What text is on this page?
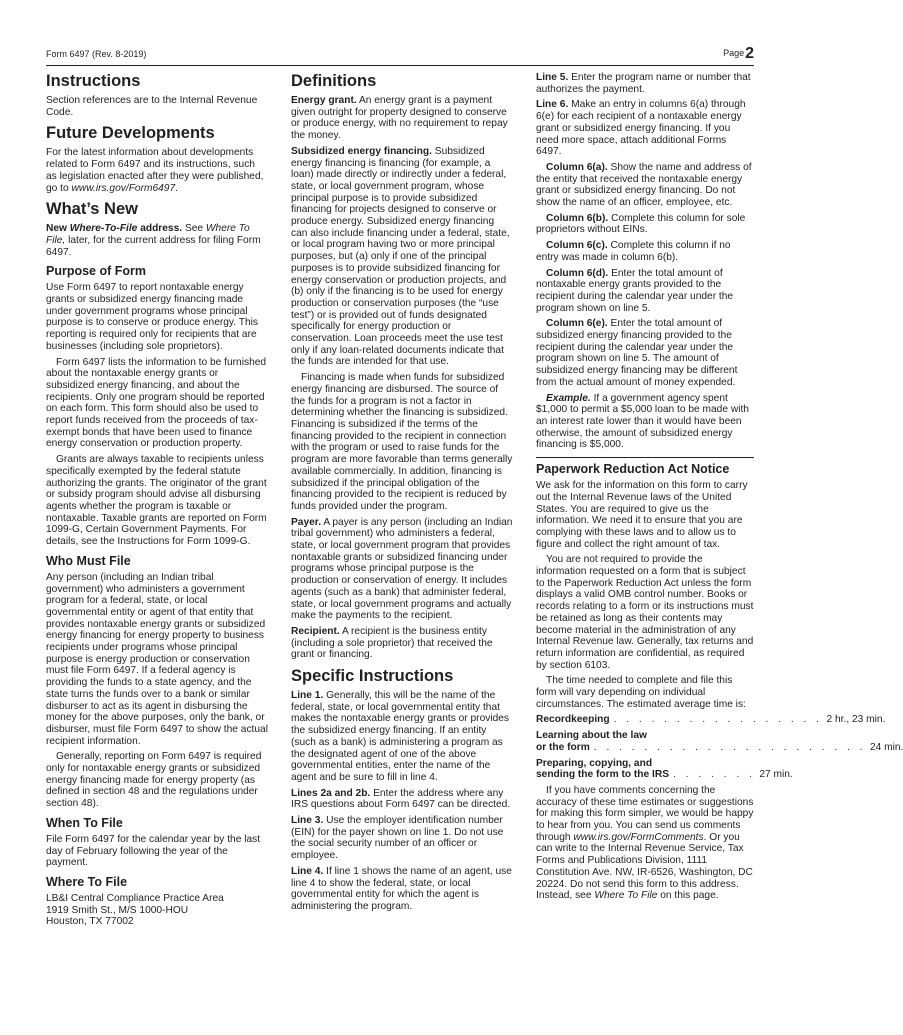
Form 6497 (Rev. 8-2019)	Page2
Instructions

Section references are to the Internal Revenue Code.

Future Developments

For the latest information about developments related to Form 6497 and its instructions, such as legislation enacted after they were published, go to www.irs.gov/Form6497.

What’s New

New Where-To-File address. See Where To File, later, for the current address for filing Form 6497.

Purpose of Form

Use Form 6497 to report nontaxable energy grants or subsidized energy financing made under government programs whose principal purpose is to conserve or produce energy. This reporting is required only for recipients that are businesses (including sole proprietors).

Form 6497 lists the information to be furnished about the nontaxable energy grants or subsidized energy financing, and about the recipients. Only one program should be reported on each form. This form should also be used to report funds received from the proceeds of tax-exempt bonds that have been used to finance energy conservation or production property.

Grants are always taxable to recipients unless specifically exempted by the federal statute authorizing the grants. The originator of the grant or subsidy program should advise all disbursing agents whether the program is taxable or nontaxable. Taxable grants are reported on Form 1099-G, Certain Government Payments. For details, see the Instructions for Form 1099-G.

Who Must File

Any person (including an Indian tribal government) who administers a government program for a federal, state, or local governmental entity or agent of that entity that provides nontaxable energy grants or subsidized energy financing for energy property to business recipients under programs whose principal purpose is energy production or conservation must file Form 6497. If a federal agency is providing the funds to a state agency, and the state turns the funds over to a bank or similar disburser to act as its agent in disbursing the money for the above purposes, only the bank, or disburser, must file Form 6497 to show the actual recipient information.

Generally, reporting on Form 6497 is required only for nontaxable energy grants or subsidized energy financing made for energy property (as defined in section 48 and the regulations under section 48).

When To File

File Form 6497 for the calendar year by the last day of February following the year of the payment.

Where To File

LB&I Central Compliance Practice Area

1919 Smith St., M/S 1000-HOU

Houston, TX 77002

Definitions

Energy grant. An energy grant is a payment given outright for property designed to conserve or produce energy, with no requirement to repay the money.

Subsidized energy financing. Subsidized energy financing is financing (for example, a loan) made directly or indirectly under a federal, state, or local government program, whose principal purpose is to provide subsidized financing for projects designed to conserve or produce energy. Subsidized energy financing can also include financing under a federal, state, or local program having two or more principal purposes, but (a) only if one of the principal purposes is to provide subsidized financing for energy conservation or production projects, and (b) only if the financing is to be used for energy production or conservation purposes (the “use test”) or is provided out of funds designated specifically for energy production or conservation. Loan proceeds meet the use test only if any loan-related documents indicate that the funds are intended for that use.

Financing is made when funds for subsidized energy financing are disbursed. The source of the funds for a program is not a factor in determining whether the financing is subsidized. Financing is subsidized if the terms of the financing provided to the recipient in connection with the program or used to raise funds for the program are more favorable than terms generally available commercially. In addition, financing is subsidized if the principal obligation of the financing provided to the recipient is reduced by funds provided under the program.

Payer. A payer is any person (including an Indian tribal government) who administers a federal, state, or local government program that provides nontaxable grants or subsidized financing under programs whose principal purpose is the production or conservation of energy. It includes agents (such as a bank) that administer federal, state, or local government programs and actually make the payments to the recipient.

Recipient. A recipient is the business entity (including a sole proprietor) that received the grant or financing.

Specific Instructions

Line 1. Generally, this will be the name of the federal, state, or local governmental entity that makes the nontaxable energy grants or provides the subsidized energy financing. If an entity (such as a bank) is administering a program as the designated agent of one of the above governmental entities, enter the name of the agent and be sure to fill in line 4.

Lines 2a and 2b. Enter the address where any IRS questions about Form 6497 can be directed.

Line 3. Use the employer identification number (EIN) for the payer shown on line 1. Do not use the social security number of an officer or employee.

Line 4. If line 1 shows the name of an agent, use line 4 to show the federal, state, or local governmental entity for which the agent is administering the program.

Line 5. Enter the program name or number that authorizes the payment.

Line 6. Make an entry in columns 6(a) through 6(e) for each recipient of a nontaxable energy grant or subsidized energy financing. If you need more space, attach additional Forms 6497.

Column 6(a). Show the name and address of the entity that received the nontaxable energy grant or subsidized energy financing. Do not show the name of an officer, employee, etc.

Column 6(b). Complete this column for sole proprietors without EINs.

Column 6(c). Complete this column if no entry was made in column 6(b).

Column 6(d). Enter the total amount of nontaxable energy grants provided to the recipient during the calendar year under the program shown on line 5.

Column 6(e). Enter the total amount of subsidized energy financing provided to the recipient during the calendar year under the program shown on line 5. The amount of subsidized energy financing may be different from the actual amount of money expended.

Example. If a government agency spent $1,000 to permit a $5,000 loan to be made with an interest rate lower than it would have been otherwise, the amount of subsidized energy financing is $5,000.

Paperwork Reduction Act Notice

We ask for the information on this form to carry out the Internal Revenue laws of the United States. You are required to give us the information. We need it to ensure that you are complying with these laws and to allow us to figure and collect the right amount of tax.

You are not required to provide the information requested on a form that is subject to the Paperwork Reduction Act unless the form displays a valid OMB control number. Books or records relating to a form or its instructions must be retained as long as their contents may become material in the administration of any Internal Revenue law. Generally, tax returns and return information are confidential, as required by section 6103.

The time needed to complete and file this form will vary depending on individual circumstances. The estimated average time is:

Recordkeeping . . . . . . . . . . . . . . . . . 2 hr., 23 min.
Learning about the law
or the form . . . . . . . . . . . . . . . . . . . . . . 24 min.
Preparing, copying, and
sending the form to the IRS . . . . . . . 27 min.

If you have comments concerning the accuracy of these time estimates or suggestions for making this form simpler, we would be happy to hear from you. You can send us comments through www.irs.gov/FormComments. Or you can write to the Internal Revenue Service, Tax Forms and Publications Division, 1111 Constitution Ave. NW, IR-6526, Washington, DC 20224. Do not send this form to this address. Instead, see Where To File on this page.
